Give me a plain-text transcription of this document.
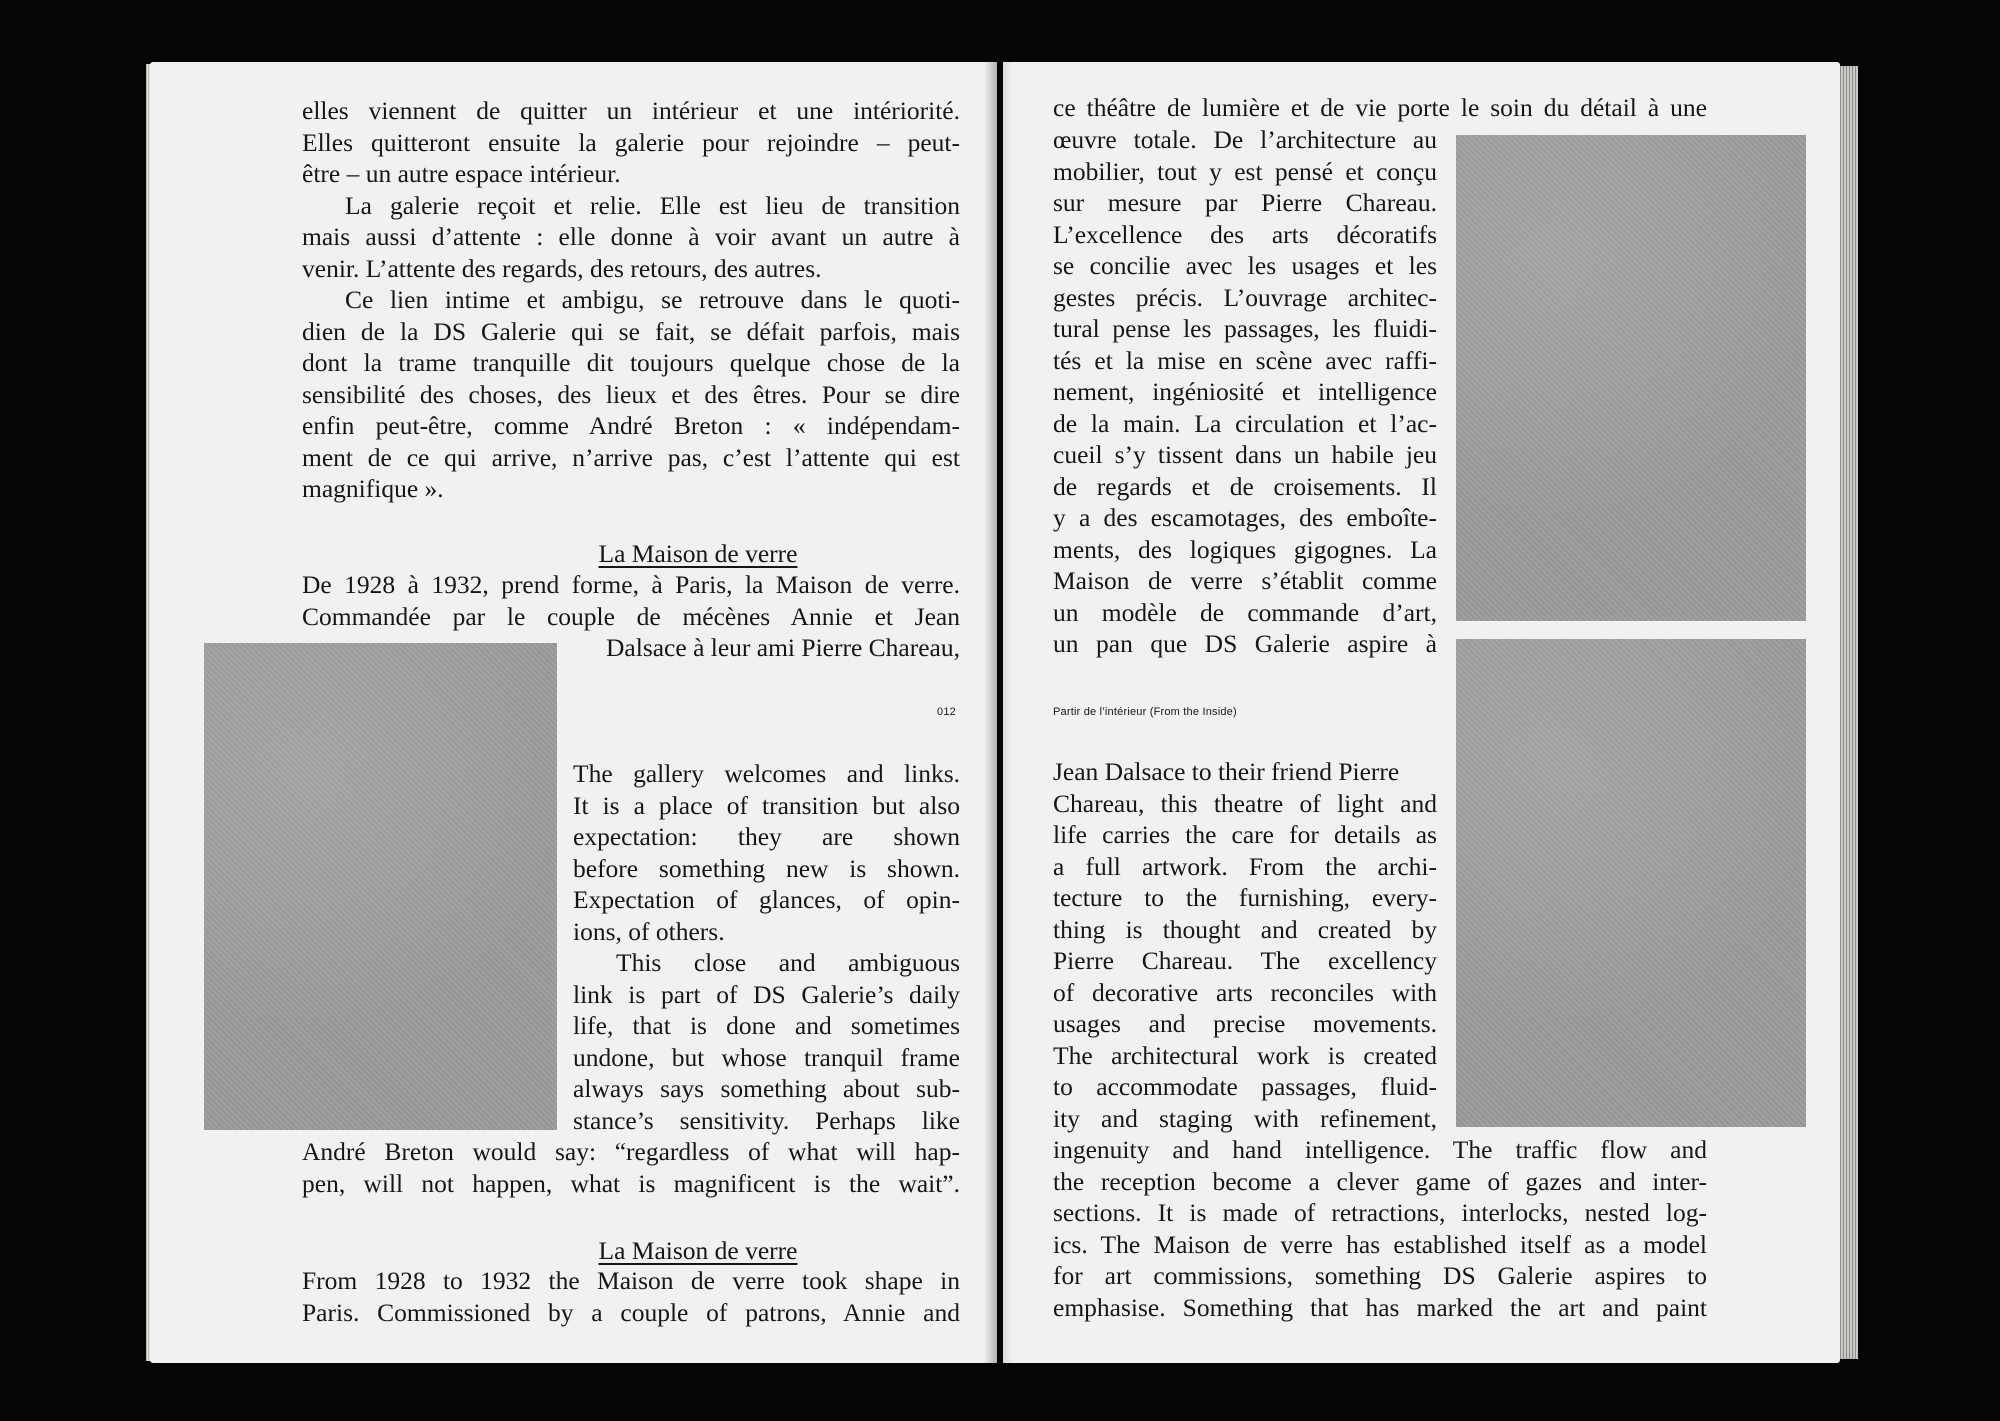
elles viennent de quitter un intérieur et une intériorité.
Elles quitteront ensuite la galerie pour rejoindre – peut-
être – un autre espace intérieur.
La galerie reçoit et relie. Elle est lieu de transition
mais aussi d’attente : elle donne à voir avant un autre à
venir. L’attente des regards, des retours, des autres.
Ce lien intime et ambigu, se retrouve dans le quoti-
dien de la DS Galerie qui se fait, se défait parfois, mais
dont la trame tranquille dit toujours quelque chose de la
sensibilité des choses, des lieux et des êtres. Pour se dire
enfin peut-être, comme André Breton : « indépendam-
ment de ce qui arrive, n’arrive pas, c’est l’attente qui est
magnifique ».
La Maison de verre
De 1928 à 1932, prend forme, à Paris, la Maison de verre.
Commandée par le couple de mécènes Annie et Jean
Dalsace à leur ami Pierre Chareau,
012
The gallery welcomes and links.
It is a place of transition but also
expectation: they are shown
before something new is shown.
Expectation of glances, of opin-
ions, of others.
This close and ambiguous
link is part of DS Galerie’s daily
life, that is done and sometimes
undone, but whose tranquil frame
always says something about sub-
stance’s sensitivity. Perhaps like
André Breton would say: “regardless of what will hap-
pen, will not happen, what is magnificent is the wait”.
La Maison de verre
From 1928 to 1932 the Maison de verre took shape in
Paris. Commissioned by a couple of patrons, Annie and
ce théâtre de lumière et de vie porte le soin du détail à une
œuvre totale. De l’architecture au
mobilier, tout y est pensé et conçu
sur mesure par Pierre Chareau.
L’excellence des arts décoratifs
se concilie avec les usages et les
gestes précis. L’ouvrage architec-
tural pense les passages, les fluidi-
tés et la mise en scène avec raffi-
nement, ingéniosité et intelligence
de la main. La circulation et l’ac-
cueil s’y tissent dans un habile jeu
de regards et de croisements. Il
y a des escamotages, des emboîte-
ments, des logiques gigognes. La
Maison de verre s’établit comme
un modèle de commande d’art,
un pan que DS Galerie aspire à
Partir de l’intérieur (From the Inside)
Jean Dalsace to their friend Pierre
Chareau, this theatre of light and
life carries the care for details as
a full artwork. From the archi-
tecture to the furnishing, every-
thing is thought and created by
Pierre Chareau. The excellency
of decorative arts reconciles with
usages and precise movements.
The architectural work is created
to accommodate passages, fluid-
ity and staging with refinement,
ingenuity and hand intelligence. The traffic flow and
the reception become a clever game of gazes and inter-
sections. It is made of retractions, interlocks, nested log-
ics. The Maison de verre has established itself as a model
for art commissions, something DS Galerie aspires to
emphasise. Something that has marked the art and paint
